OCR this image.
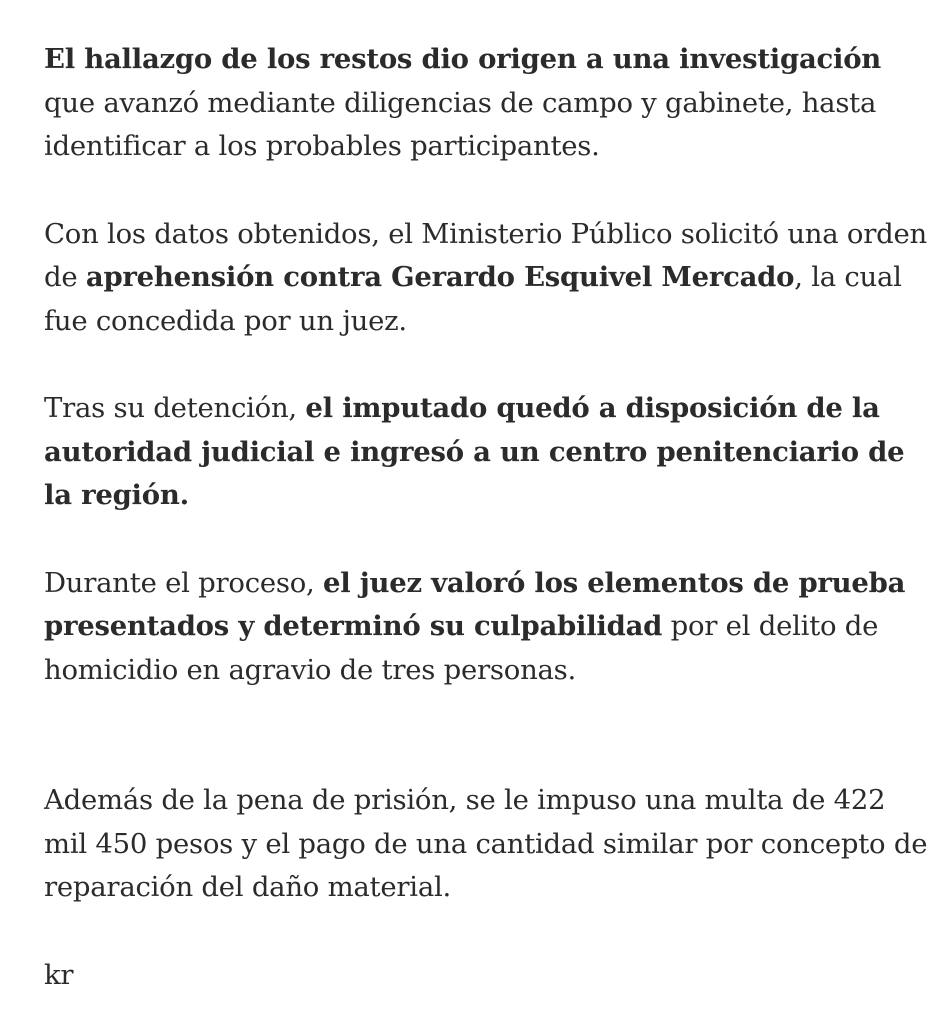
El hallazgo de los restos dio origen a una investigación que avanzó mediante diligencias de campo y gabinete, hasta identificar a los probables participantes.

Con los datos obtenidos, el Ministerio Público solicitó una orden de aprehensión contra Gerardo Esquivel Mercado, la cual fue concedida por un juez.

Tras su detención, el imputado quedó a disposición de la autoridad judicial e ingresó a un centro penitenciario de la región.

Durante el proceso, el juez valoró los elementos de prueba presentados y determinó su culpabilidad por el delito de homicidio en agravio de tres personas.

Además de la pena de prisión, se le impuso una multa de 422 mil 450 pesos y el pago de una cantidad similar por concepto de reparación del daño material.

kr
